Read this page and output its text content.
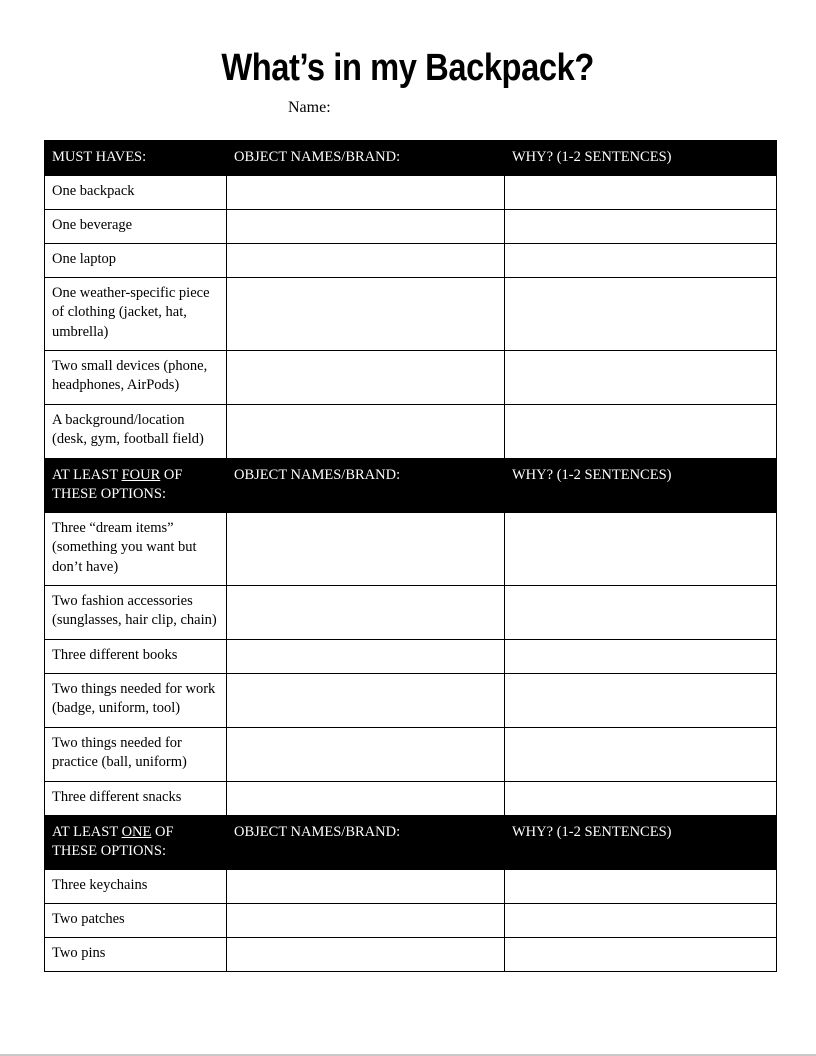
What’s in my Backpack?
Name:
MUST HAVES:	OBJECT NAMES/BRAND:	WHY? (1-2 SENTENCES)
One backpack		
One beverage		
One laptop		
One weather-specific piece of clothing (jacket, hat, umbrella)		
Two small devices (phone, headphones, AirPods)		
A background/location (desk, gym, football field)		
AT LEAST FOUR OF
THESE OPTIONS:	OBJECT NAMES/BRAND:	WHY? (1-2 SENTENCES)
Three “dream items” (something you want but don’t have)		
Two fashion accessories (sunglasses, hair clip, chain)		
Three different books		
Two things needed for work (badge, uniform, tool)		
Two things needed for practice (ball, uniform)		
Three different snacks		
AT LEAST ONE OF
THESE OPTIONS:	OBJECT NAMES/BRAND:	WHY? (1-2 SENTENCES)
Three keychains		
Two patches		
Two pins		
